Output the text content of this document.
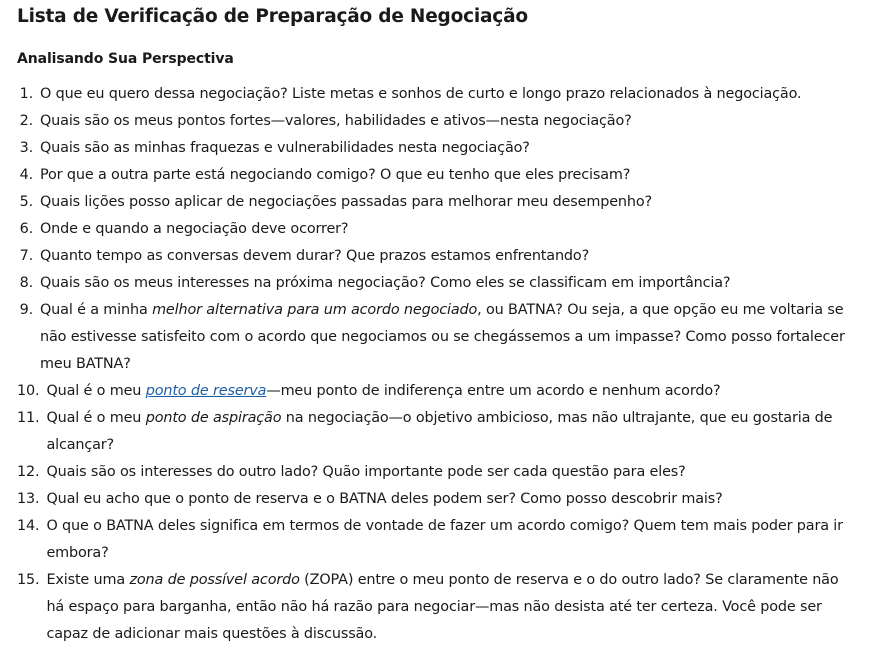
Lista de Verificação de Preparação de Negociação
Analisando Sua Perspectiva
1. O que eu quero dessa negociação? Liste metas e sonhos de curto e longo prazo relacionados à negociação.
2. Quais são os meus pontos fortes—valores, habilidades e ativos—nesta negociação?
3. Quais são as minhas fraquezas e vulnerabilidades nesta negociação?
4. Por que a outra parte está negociando comigo? O que eu tenho que eles precisam?
5. Quais lições posso aplicar de negociações passadas para melhorar meu desempenho?
6. Onde e quando a negociação deve ocorrer?
7. Quanto tempo as conversas devem durar? Que prazos estamos enfrentando?
8. Quais são os meus interesses na próxima negociação? Como eles se classificam em importância?
9. Qual é a minha melhor alternativa para um acordo negociado, ou BATNA? Ou seja, a que opção eu me voltaria se não estivesse satisfeito com o acordo que negociamos ou se chegássemos a um impasse? Como posso fortalecer meu BATNA?
10. Qual é o meu ponto de reserva—meu ponto de indiferença entre um acordo e nenhum acordo?
11. Qual é o meu ponto de aspiração na negociação—o objetivo ambicioso, mas não ultrajante, que eu gostaria de alcançar?
12. Quais são os interesses do outro lado? Quão importante pode ser cada questão para eles?
13. Qual eu acho que o ponto de reserva e o BATNA deles podem ser? Como posso descobrir mais?
14. O que o BATNA deles significa em termos de vontade de fazer um acordo comigo? Quem tem mais poder para ir embora?
15. Existe uma zona de possível acordo (ZOPA) entre o meu ponto de reserva e o do outro lado? Se claramente não há espaço para barganha, então não há razão para negociar—mas não desista até ter certeza. Você pode ser capaz de adicionar mais questões à discussão.
